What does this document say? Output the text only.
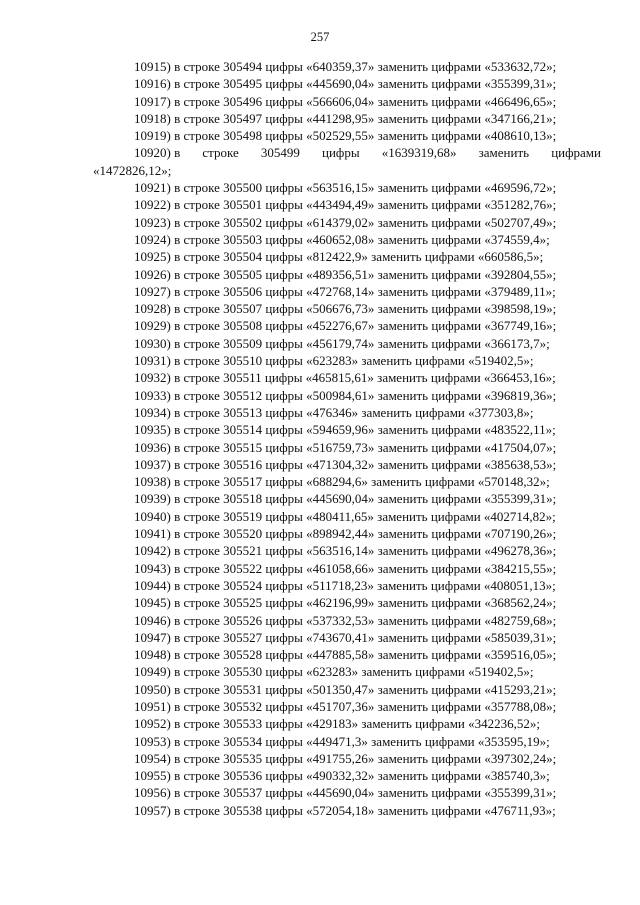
257
10915) в строке 305494 цифры «640359,37» заменить цифрами «533632,72»;
10916) в строке 305495 цифры «445690,04» заменить цифрами «355399,31»;
10917) в строке 305496 цифры «566606,04» заменить цифрами «466496,65»;
10918) в строке 305497 цифры «441298,95» заменить цифрами «347166,21»;
10919) в строке 305498 цифры «502529,55» заменить цифрами «408610,13»;
10920) в строке 305499 цифры «1639319,68» заменить цифрами
«1472826,12»;
10921) в строке 305500 цифры «563516,15» заменить цифрами «469596,72»;
10922) в строке 305501 цифры «443494,49» заменить цифрами «351282,76»;
10923) в строке 305502 цифры «614379,02» заменить цифрами «502707,49»;
10924) в строке 305503 цифры «460652,08» заменить цифрами «374559,4»;
10925) в строке 305504 цифры «812422,9» заменить цифрами «660586,5»;
10926) в строке 305505 цифры «489356,51» заменить цифрами «392804,55»;
10927) в строке 305506 цифры «472768,14» заменить цифрами «379489,11»;
10928) в строке 305507 цифры «506676,73» заменить цифрами «398598,19»;
10929) в строке 305508 цифры «452276,67» заменить цифрами «367749,16»;
10930) в строке 305509 цифры «456179,74» заменить цифрами «366173,7»;
10931) в строке 305510 цифры «623283» заменить цифрами «519402,5»;
10932) в строке 305511 цифры «465815,61» заменить цифрами «366453,16»;
10933) в строке 305512 цифры «500984,61» заменить цифрами «396819,36»;
10934) в строке 305513 цифры «476346» заменить цифрами «377303,8»;
10935) в строке 305514 цифры «594659,96» заменить цифрами «483522,11»;
10936) в строке 305515 цифры «516759,73» заменить цифрами «417504,07»;
10937) в строке 305516 цифры «471304,32» заменить цифрами «385638,53»;
10938) в строке 305517 цифры «688294,6» заменить цифрами «570148,32»;
10939) в строке 305518 цифры «445690,04» заменить цифрами «355399,31»;
10940) в строке 305519 цифры «480411,65» заменить цифрами «402714,82»;
10941) в строке 305520 цифры «898942,44» заменить цифрами «707190,26»;
10942) в строке 305521 цифры «563516,14» заменить цифрами «496278,36»;
10943) в строке 305522 цифры «461058,66» заменить цифрами «384215,55»;
10944) в строке 305524 цифры «511718,23» заменить цифрами «408051,13»;
10945) в строке 305525 цифры «462196,99» заменить цифрами «368562,24»;
10946) в строке 305526 цифры «537332,53» заменить цифрами «482759,68»;
10947) в строке 305527 цифры «743670,41» заменить цифрами «585039,31»;
10948) в строке 305528 цифры «447885,58» заменить цифрами «359516,05»;
10949) в строке 305530 цифры «623283» заменить цифрами «519402,5»;
10950) в строке 305531 цифры «501350,47» заменить цифрами «415293,21»;
10951) в строке 305532 цифры «451707,36» заменить цифрами «357788,08»;
10952) в строке 305533 цифры «429183» заменить цифрами «342236,52»;
10953) в строке 305534 цифры «449471,3» заменить цифрами «353595,19»;
10954) в строке 305535 цифры «491755,26» заменить цифрами «397302,24»;
10955) в строке 305536 цифры «490332,32» заменить цифрами «385740,3»;
10956) в строке 305537 цифры «445690,04» заменить цифрами «355399,31»;
10957) в строке 305538 цифры «572054,18» заменить цифрами «476711,93»;
